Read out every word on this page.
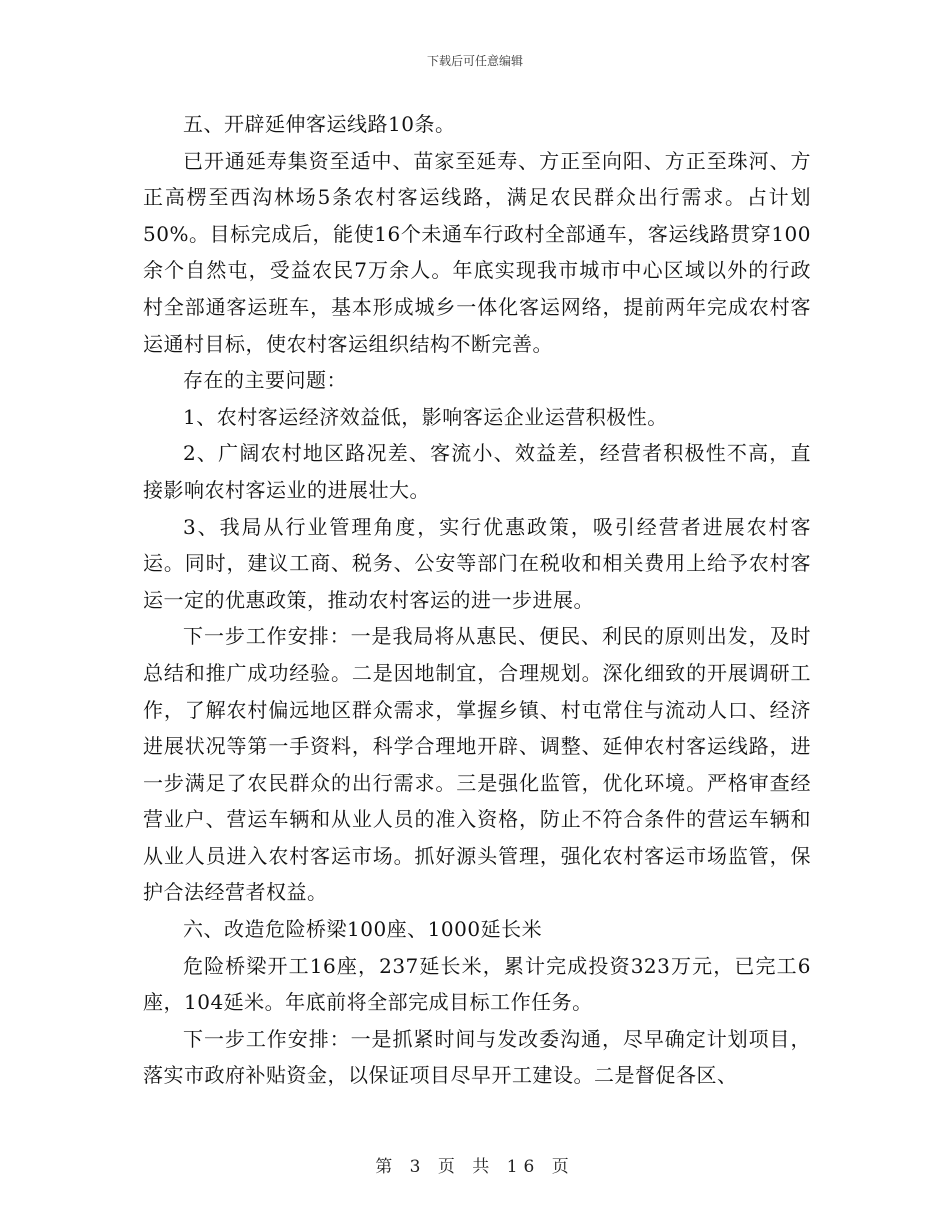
下载后可任意编辑

五、开辟延伸客运线路10条。

已开通延寿集资至适中、苗家至延寿、方正至向阳、方正至珠河、方正高楞至西沟林场5条农村客运线路，满足农民群众出行需求。占计划50%。目标完成后，能使16个未通车行政村全部通车，客运线路贯穿100余个自然屯，受益农民7万余人。年底实现我市城市中心区域以外的行政村全部通客运班车，基本形成城乡一体化客运网络，提前两年完成农村客运通村目标，使农村客运组织结构不断完善。

存在的主要问题：

1、农村客运经济效益低，影响客运企业运营积极性。

2、广阔农村地区路况差、客流小、效益差，经营者积极性不高，直接影响农村客运业的进展壮大。

3、我局从行业管理角度，实行优惠政策，吸引经营者进展农村客运。同时，建议工商、税务、公安等部门在税收和相关费用上给予农村客运一定的优惠政策，推动农村客运的进一步进展。

下一步工作安排：一是我局将从惠民、便民、利民的原则出发，及时总结和推广成功经验。二是因地制宜，合理规划。深化细致的开展调研工作，了解农村偏远地区群众需求，掌握乡镇、村屯常住与流动人口、经济进展状况等第一手资料，科学合理地开辟、调整、延伸农村客运线路，进一步满足了农民群众的出行需求。三是强化监管，优化环境。严格审查经营业户、营运车辆和从业人员的准入资格，防止不符合条件的营运车辆和从业人员进入农村客运市场。抓好源头管理，强化农村客运市场监管，保护合法经营者权益。

六、改造危险桥梁100座、1000延长米

危险桥梁开工16座，237延长米，累计完成投资323万元，已完工6座，104延米。年底前将全部完成目标工作任务。

下一步工作安排：一是抓紧时间与发改委沟通，尽早确定计划项目，落实市政府补贴资金，以保证项目尽早开工建设。二是督促各区、

第 3 页 共 16 页
